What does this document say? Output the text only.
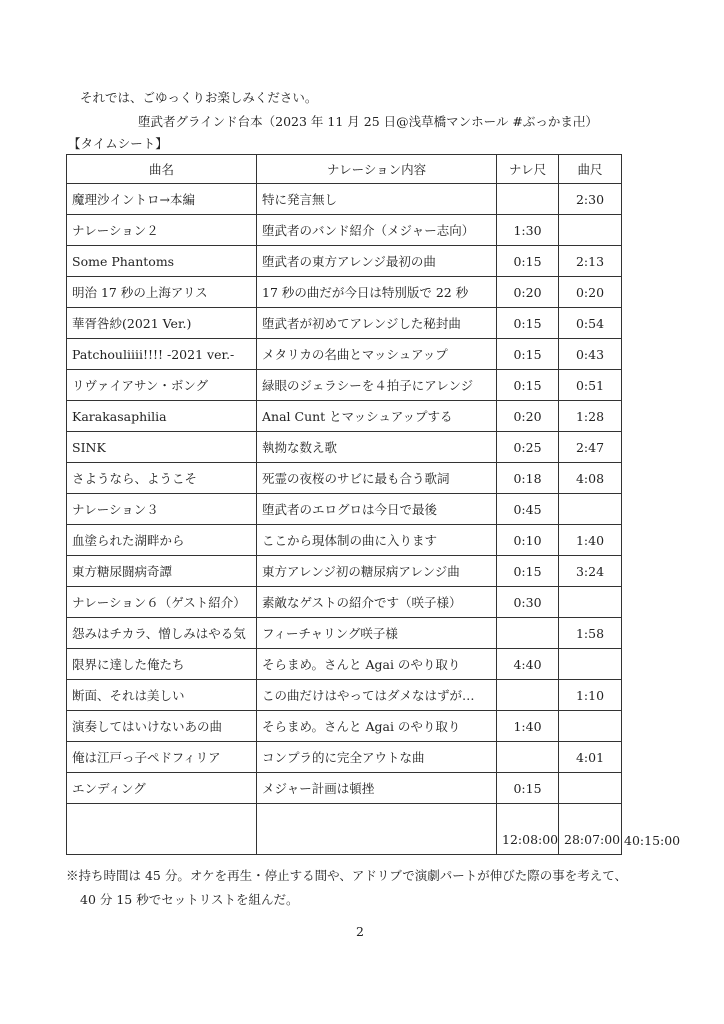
それでは、ごゆっくりお楽しみください。
堕武者グラインド台本（2023 年 11 月 25 日@浅草橋マンホール #ぶっかま卍）
【タイムシート】
曲名	ナレーション内容	ナレ尺	曲尺
魔理沙イントロ→本編	特に発言無し		2:30
ナレーション２	堕武者のバンド紹介（メジャー志向）	1:30	
Some Phantoms	堕武者の東方アレンジ最初の曲	0:15	2:13
明治 17 秒の上海アリス	17 秒の曲だが今日は特別版で 22 秒	0:20	0:20
華胥咎紗(2021 Ver.)	堕武者が初めてアレンジした秘封曲	0:15	0:54
Patchouliiii!!!! -2021 ver.-	メタリカの名曲とマッシュアップ	0:15	0:43
リヴァイアサン・ボング	緑眼のジェラシーを４拍子にアレンジ	0:15	0:51
Karakasaphilia	Anal Cunt とマッシュアップする	0:20	1:28
SINK	執拗な数え歌	0:25	2:47
さようなら、ようこそ	死霊の夜桜のサビに最も合う歌詞	0:18	4:08
ナレーション３	堕武者のエログロは今日で最後	0:45	
血塗られた湖畔から	ここから現体制の曲に入ります	0:10	1:40
東方糖尿闘病奇譚	東方アレンジ初の糖尿病アレンジ曲	0:15	3:24
ナレーション６（ゲスト紹介）	素敵なゲストの紹介です（咲子様）	0:30	
怨みはチカラ、憎しみはやる気	フィーチャリング咲子様		1:58
限界に達した俺たち	そらまめ。さんと Agai のやり取り	4:40	
断面、それは美しい	この曲だけはやってはダメなはずが…		1:10
演奏してはいけないあの曲	そらまめ。さんと Agai のやり取り	1:40	
俺は江戸っ子ペドフィリア	コンプラ的に完全アウトな曲		4:01
エンディング	メジャー計画は頓挫	0:15	
		12:08:00	28:07:00 40:15:00
※持ち時間は 45 分。オケを再生・停止する間や、アドリブで演劇パートが伸びた際の事を考えて、
40 分 15 秒でセットリストを組んだ。
2
